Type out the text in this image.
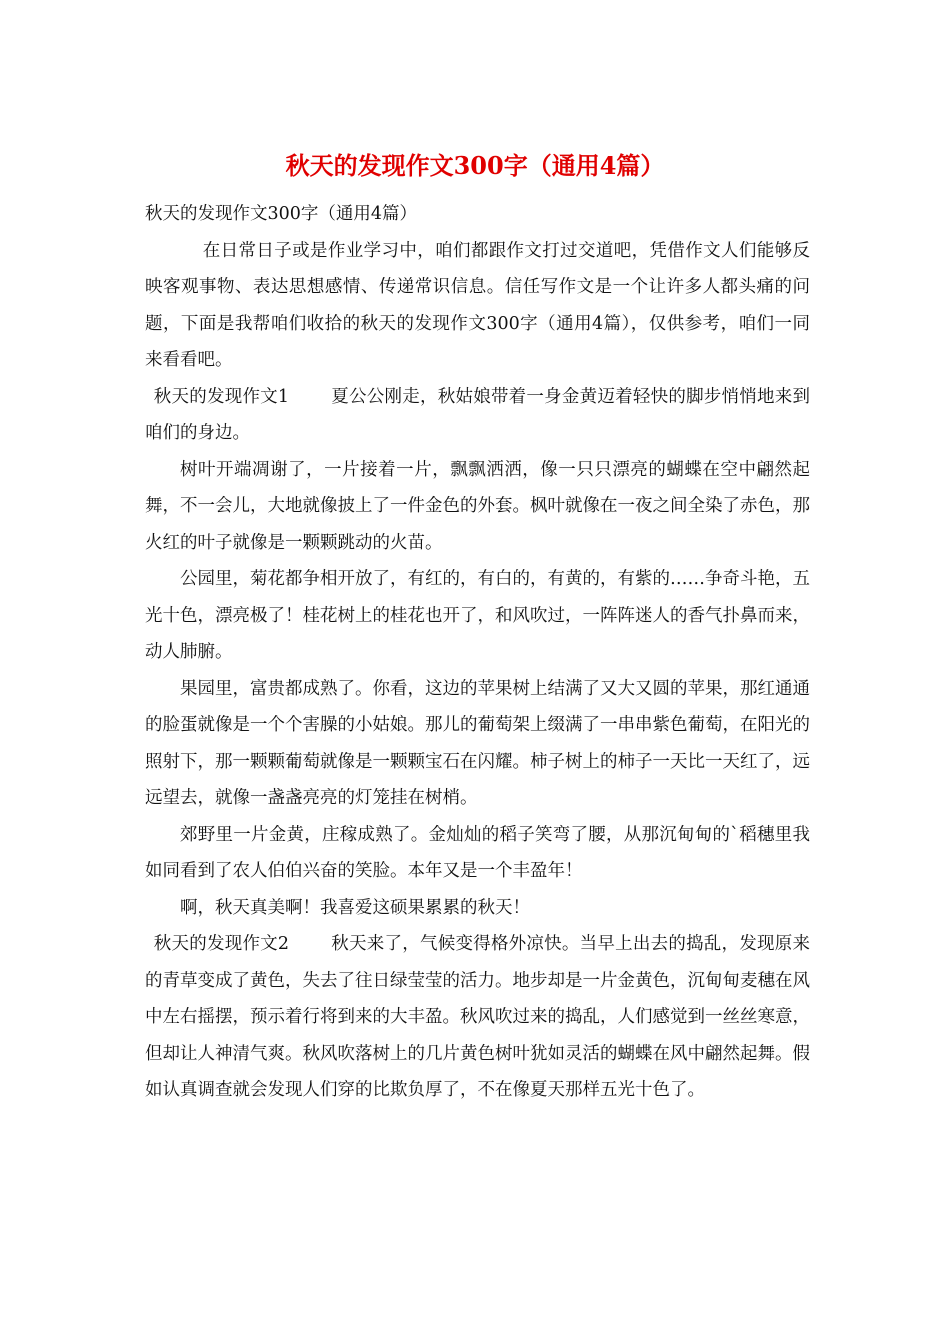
秋天的发现作文300字（通用4篇）

秋天的发现作文300字（通用4篇）

在日常日子或是作业学习中，咱们都跟作文打过交道吧，凭借作文人们能够反映客观事物、表达思想感情、传递常识信息。信任写作文是一个让许多人都头痛的问题，下面是我帮咱们收拾的秋天的发现作文300字（通用4篇），仅供参考，咱们一同来看看吧。

秋天的发现作文1 夏公公刚走，秋姑娘带着一身金黄迈着轻快的脚步悄悄地来到咱们的身边。

树叶开端凋谢了，一片接着一片，飘飘洒洒，像一只只漂亮的蝴蝶在空中翩然起舞，不一会儿，大地就像披上了一件金色的外套。枫叶就像在一夜之间全染了赤色，那火红的叶子就像是一颗颗跳动的火苗。

公园里，菊花都争相开放了，有红的，有白的，有黄的，有紫的……争奇斗艳，五光十色，漂亮极了！桂花树上的桂花也开了，和风吹过，一阵阵迷人的香气扑鼻而来，动人肺腑。

果园里，富贵都成熟了。你看，这边的苹果树上结满了又大又圆的苹果，那红通通的脸蛋就像是一个个害臊的小姑娘。那儿的葡萄架上缀满了一串串紫色葡萄，在阳光的照射下，那一颗颗葡萄就像是一颗颗宝石在闪耀。柿子树上的柿子一天比一天红了，远远望去，就像一盏盏亮亮的灯笼挂在树梢。

郊野里一片金黄，庄稼成熟了。金灿灿的稻子笑弯了腰，从那沉甸甸的`稻穗里我如同看到了农人伯伯兴奋的笑脸。本年又是一个丰盈年！

啊，秋天真美啊！我喜爱这硕果累累的秋天！

秋天的发现作文2 秋天来了，气候变得格外凉快。当早上出去的捣乱，发现原来的青草变成了黄色，失去了往日绿莹莹的活力。地步却是一片金黄色，沉甸甸麦穗在风中左右摇摆，预示着行将到来的大丰盈。秋风吹过来的捣乱，人们感觉到一丝丝寒意，但却让人神清气爽。秋风吹落树上的几片黄色树叶犹如灵活的蝴蝶在风中翩然起舞。假如认真调查就会发现人们穿的比欺负厚了，不在像夏天那样五光十色了。
